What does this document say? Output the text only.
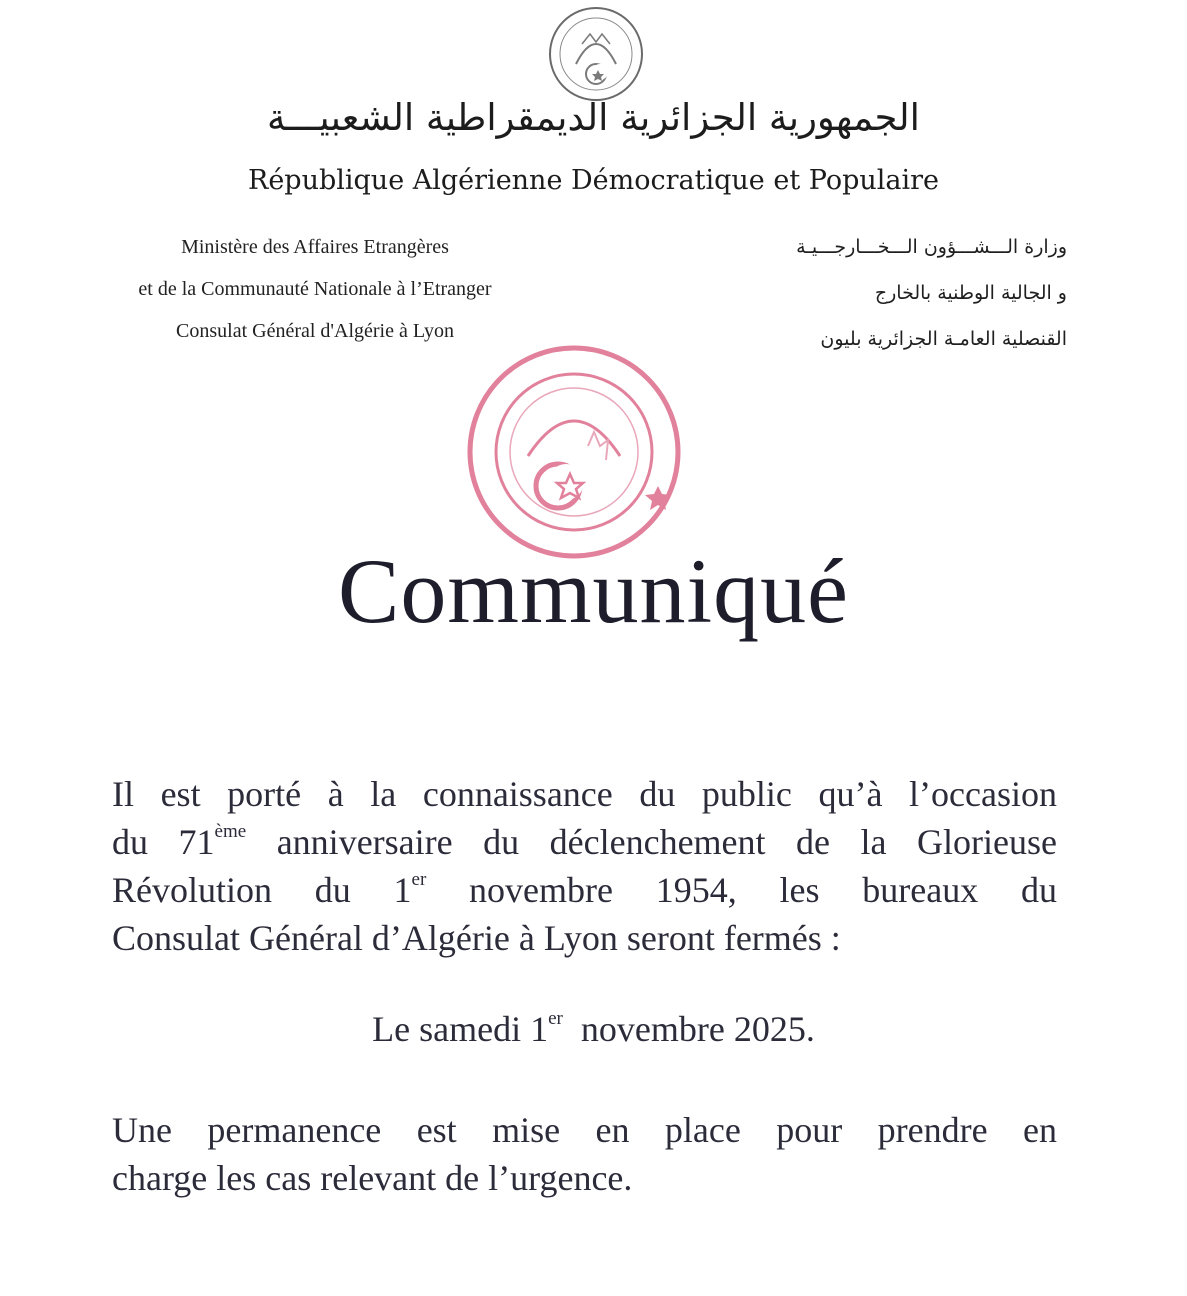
الجمهورية الجزائرية الديمقراطية الشعبيـــة
République Algérienne Démocratique et Populaire
Ministère des Affaires Etrangères
et de la Communauté Nationale à l’Etranger
Consulat Général d'Algérie à Lyon
وزارة الـــشـــؤون الـــخـــارجـــيـة
و الجالية الوطنية بالخارج
القنصلية العامـة الجزائرية بليون
Communiqué
Il est porté à la connaissance du public qu’à l’occasion
du 71ème anniversaire du déclenchement de la Glorieuse
Révolution du 1er novembre 1954, les bureaux du
Consulat Général d’Algérie à Lyon seront fermés :
Le samedi 1er  novembre 2025.
Une permanence est mise en place pour prendre en
charge les cas relevant de l’urgence.
